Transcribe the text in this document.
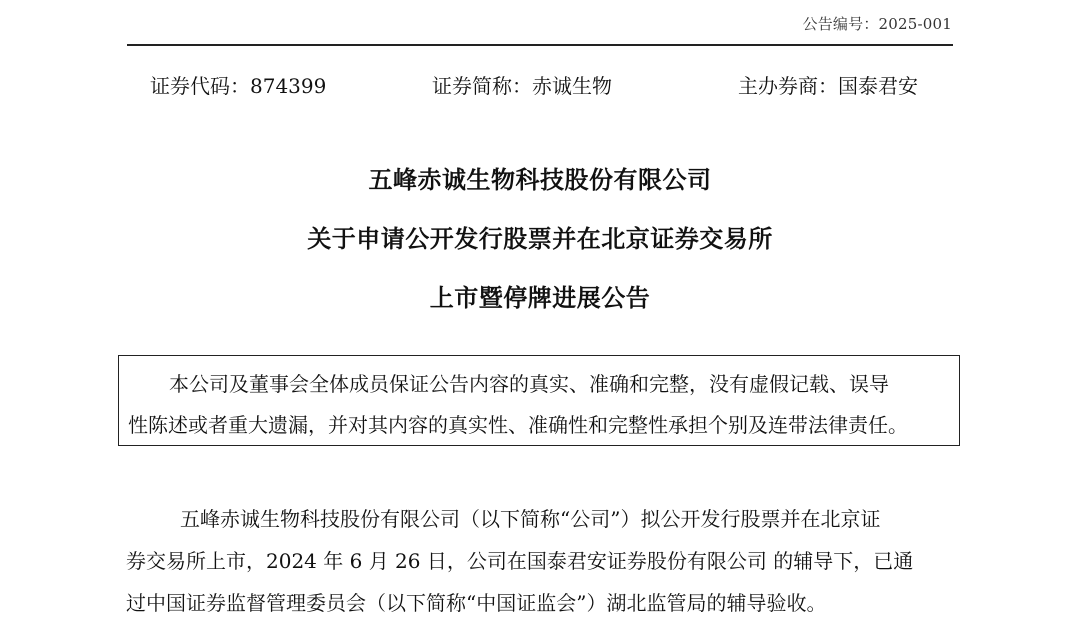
公告编号：2025-001
证券代码：874399	证券简称：赤诚生物	主办券商：国泰君安
五峰赤诚生物科技股份有限公司
关于申请公开发行股票并在北京证券交易所
上市暨停牌进展公告
本公司及董事会全体成员保证公告内容的真实、准确和完整，没有虚假记载、误导
性陈述或者重大遗漏，并对其内容的真实性、准确性和完整性承担个别及连带法律责任。
五峰赤诚生物科技股份有限公司（以下简称“公司”）拟公开发行股票并在北京证
券交易所上市，2024 年 6 月 26 日，公司在国泰君安证券股份有限公司 的辅导下，已通
过中国证券监督管理委员会（以下简称“中国证监会”）湖北监管局的辅导验收。
